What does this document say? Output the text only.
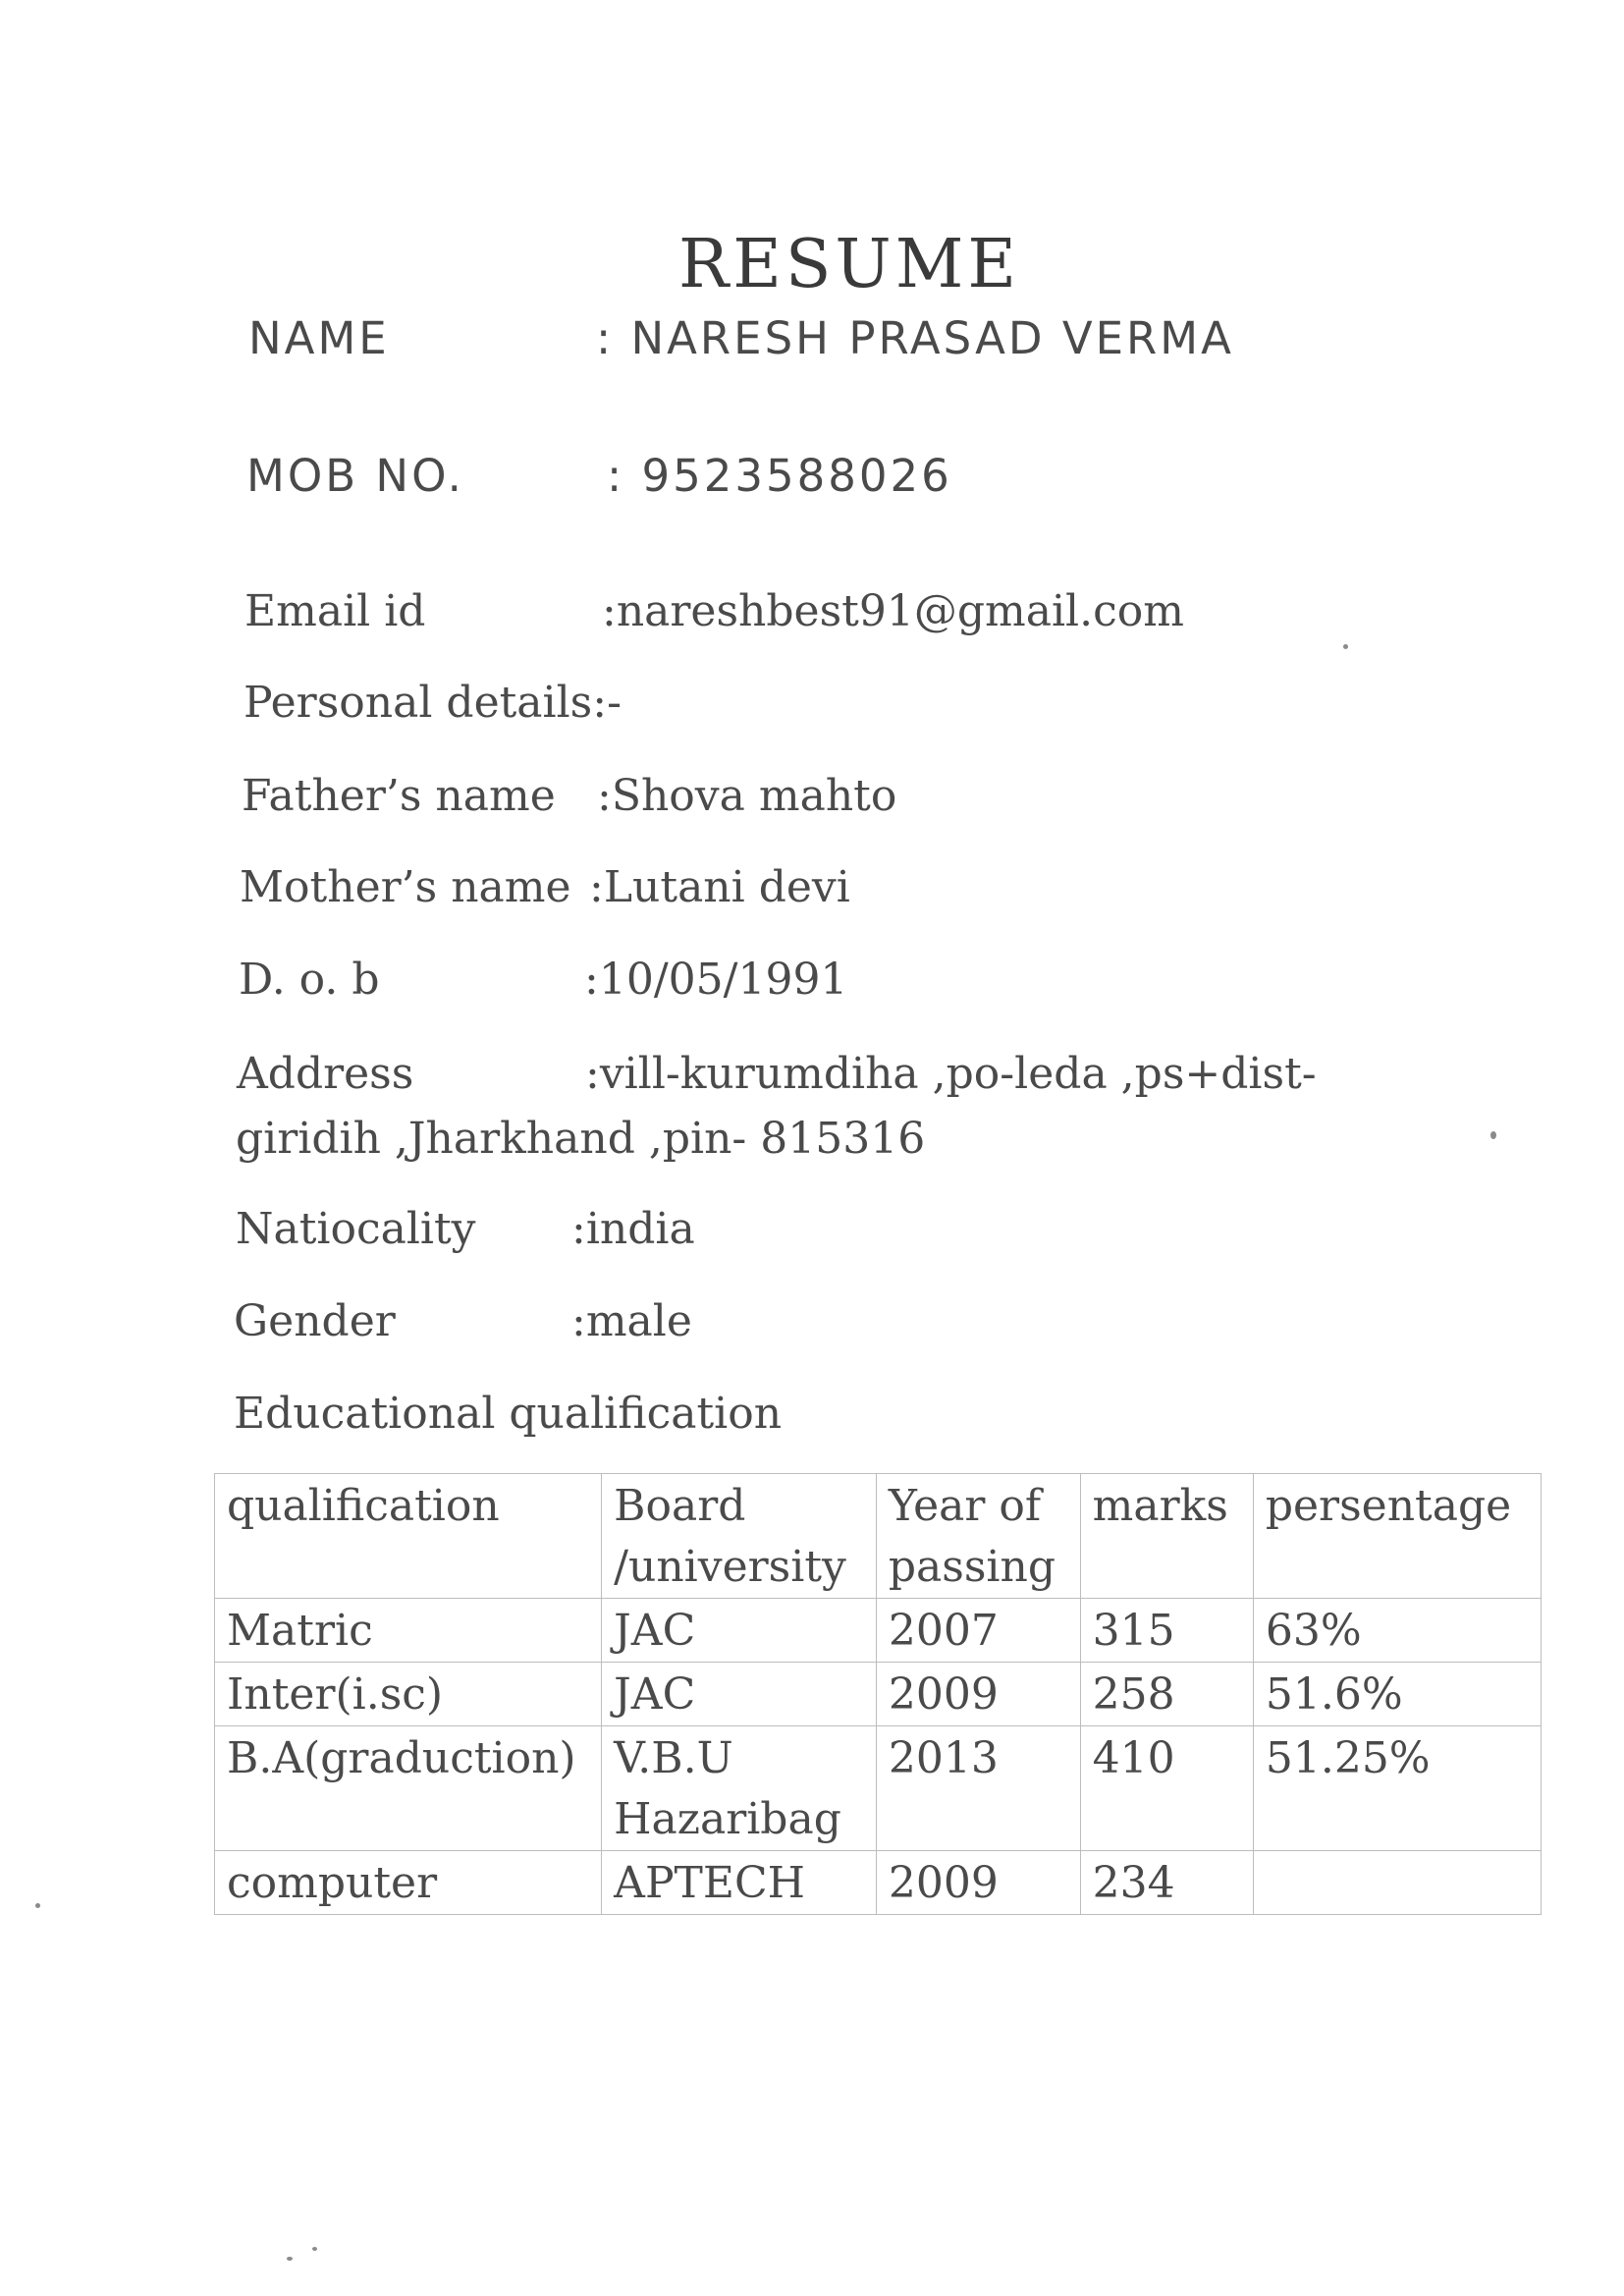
RESUME
NAME	: NARESH PRASAD VERMA
MOB NO.	: 9523588026
Email id	:nareshbest91@gmail.com
Personal details:-
Father’s name :Shova mahto
Mother’s name :Lutani devi
D. o. b	:10/05/1991
Address	:vill-kurumdiha ,po-leda ,ps+dist-
giridih ,Jharkhand ,pin- 815316
Natiocality :india
Gender	:male
Educational qualification
qualification	Board /university	Year of passing	marks	persentage
Matric	JAC	2007	315	63%
Inter(i.sc)	JAC	2009	258	51.6%
B.A(graduction)	V.B.U Hazaribag	2013	410	51.25%
computer	APTECH	2009	234	
